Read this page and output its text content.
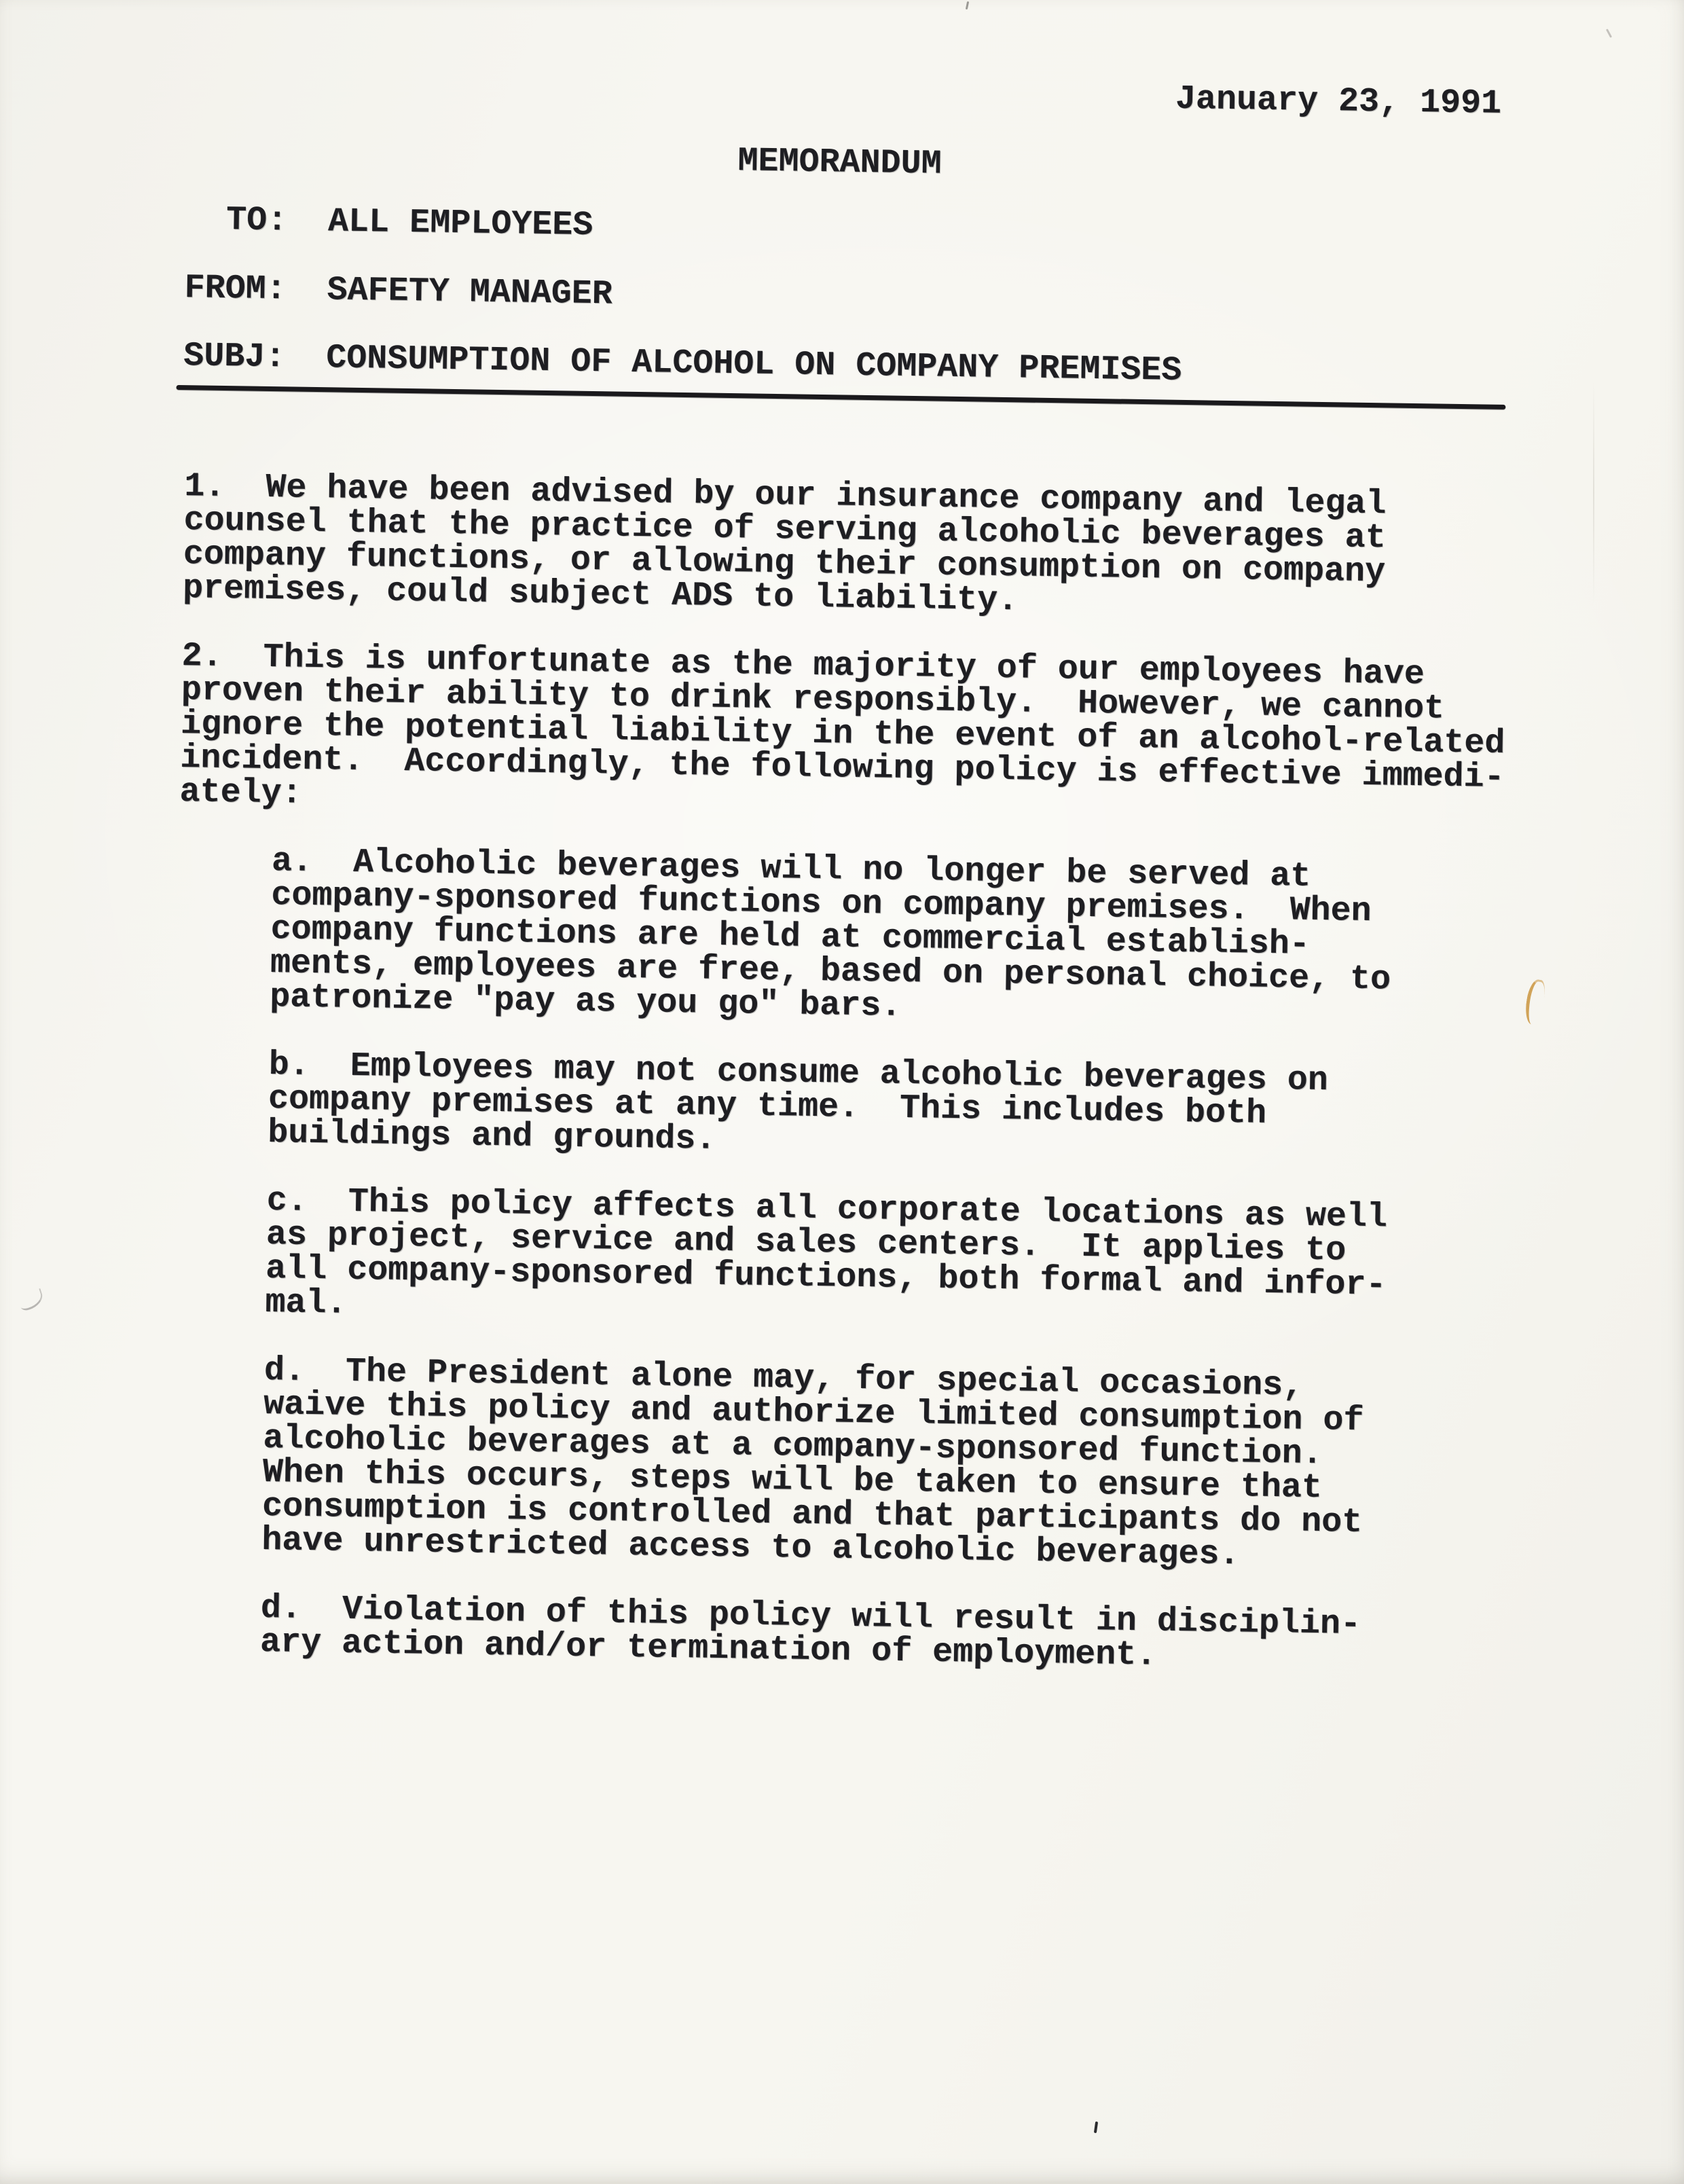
January 23, 1991
MEMORANDUM
TO:  ALL EMPLOYEES
FROM:  SAFETY MANAGER
SUBJ:  CONSUMPTION OF ALCOHOL ON COMPANY PREMISES
1.  We have been advised by our insurance company and legal
counsel that the practice of serving alcoholic beverages at
company functions, or allowing their consumption on company
premises, could subject ADS to liability.
2.  This is unfortunate as the majority of our employees have
proven their ability to drink responsibly.  However, we cannot
ignore the potential liability in the event of an alcohol-related
incident.  Accordingly, the following policy is effective immedi-
ately:
a.  Alcoholic beverages will no longer be served at
company-sponsored functions on company premises.  When
company functions are held at commercial establish-
ments, employees are free, based on personal choice, to
patronize "pay as you go" bars.
b.  Employees may not consume alcoholic beverages on
company premises at any time.  This includes both
buildings and grounds.
c.  This policy affects all corporate locations as well
as project, service and sales centers.  It applies to
all company-sponsored functions, both formal and infor-
mal.
d.  The President alone may, for special occasions,
waive this policy and authorize limited consumption of
alcoholic beverages at a company-sponsored function.
When this occurs, steps will be taken to ensure that
consumption is controlled and that participants do not
have unrestricted access to alcoholic beverages.
d.  Violation of this policy will result in disciplin-
ary action and/or termination of employment.
